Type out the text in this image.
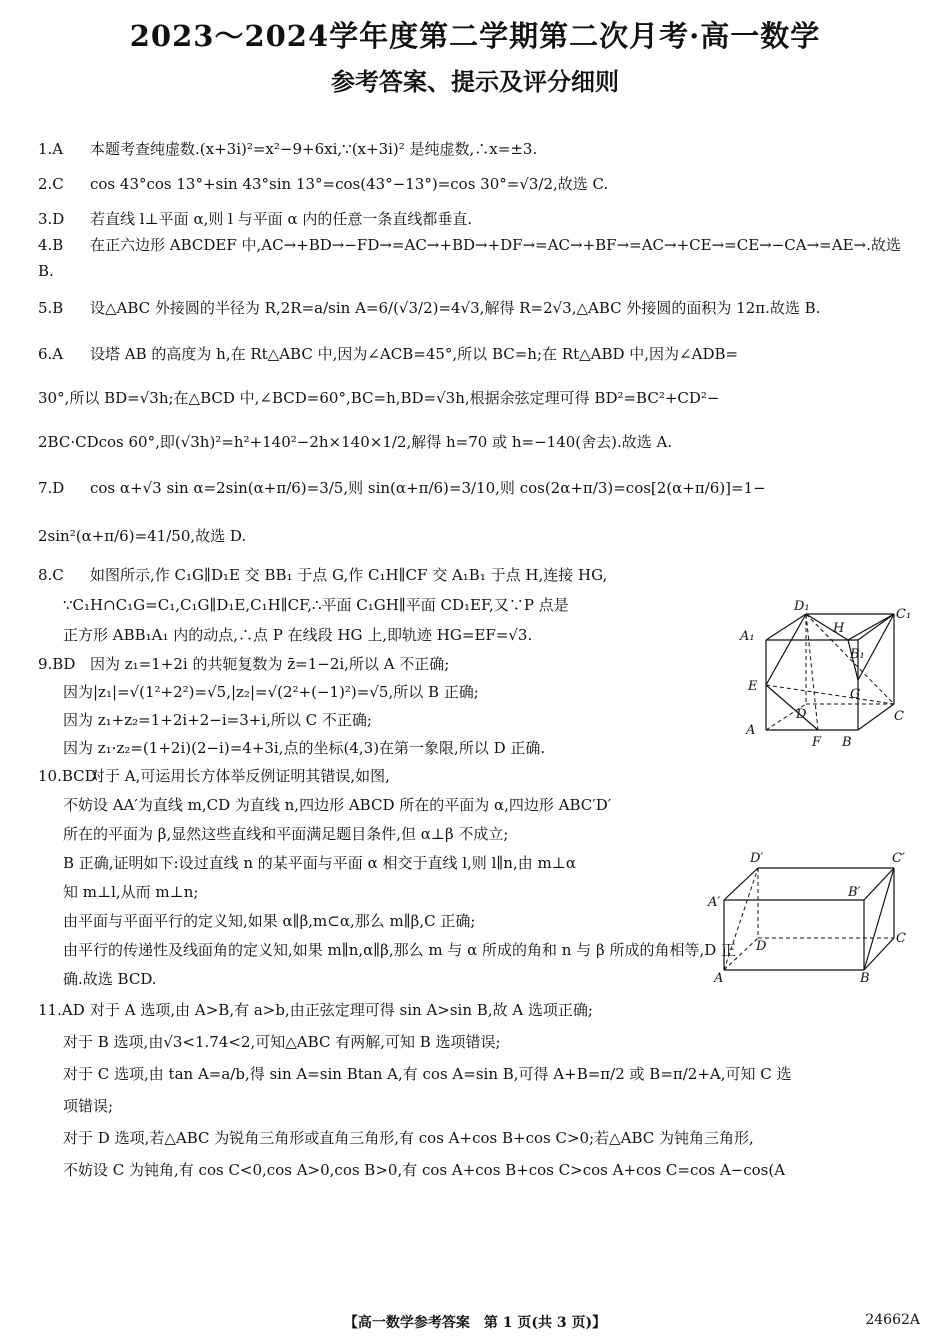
2023～2024学年度第二学期第二次月考·高一数学
参考答案、提示及评分细则
1.A 本题考查纯虚数.(x+3i)²=x²−9+6xi,∵(x+3i)² 是纯虚数,∴x=±3.
2.C cos 43°cos 13°+sin 43°sin 13°=cos(43°−13°)=cos 30°=√3/2,故选 C.
3.D 若直线 l⊥平面 α,则 l 与平面 α 内的任意一条直线都垂直.
4.B 在正六边形 ABCDEF 中,AC→+BD→−FD→=AC→+BD→+DF→=AC→+BF→=AC→+CE→=CE→−CA→=AE→.故选 B.
5.B 设△ABC 外接圆的半径为 R,2R=a/sin A=6/(√3/2)=4√3,解得 R=2√3,△ABC 外接圆的面积为 12π.故选 B.
6.A 设塔 AB 的高度为 h,在 Rt△ABC 中,因为∠ACB=45°,所以 BC=h;在 Rt△ABD 中,因为∠ADB=
30°,所以 BD=√3h;在△BCD 中,∠BCD=60°,BC=h,BD=√3h,根据余弦定理可得 BD²=BC²+CD²−
2BC·CDcos 60°,即(√3h)²=h²+140²−2h×140×1/2,解得 h=70 或 h=−140(舍去).故选 A.
7.D cos α+√3 sin α=2sin(α+π/6)=3/5,则 sin(α+π/6)=3/10,则 cos(2α+π/3)=cos[2(α+π/6)]=1−
2sin²(α+π/6)=41/50,故选 D.
8.C 如图所示,作 C₁G∥D₁E 交 BB₁ 于点 G,作 C₁H∥CF 交 A₁B₁ 于点 H,连接 HG,
∵C₁H∩C₁G=C₁,C₁G∥D₁E,C₁H∥CF,∴平面 C₁GH∥平面 CD₁EF,又∵P 点是
正方形 ABB₁A₁ 内的动点,∴点 P 在线段 HG 上,即轨迹 HG=EF=√3.
9.BD 因为 z₁=1+2i 的共轭复数为 z̄=1−2i,所以 A 不正确;
因为|z₁|=√(1²+2²)=√5,|z₂|=√(2²+(−1)²)=√5,所以 B 正确;
因为 z₁+z₂=1+2i+2−i=3+i,所以 C 不正确;
因为 z₁·z₂=(1+2i)(2−i)=4+3i,点的坐标(4,3)在第一象限,所以 D 正确.
10.BCD对于 A,可运用长方体举反例证明其错误,如图,
不妨设 AA′为直线 m,CD 为直线 n,四边形 ABCD 所在的平面为 α,四边形 ABC′D′
所在的平面为 β,显然这些直线和平面满足题目条件,但 α⊥β 不成立;
B 正确,证明如下:设过直线 n 的某平面与平面 α 相交于直线 l,则 l∥n,由 m⊥α
知 m⊥l,从而 m⊥n;
由平面与平面平行的定义知,如果 α∥β,m⊂α,那么 m∥β,C 正确;
由平行的传递性及线面角的定义知,如果 m∥n,α∥β,那么 m 与 α 所成的角和 n 与 β 所成的角相等,D 正
确.故选 BCD.
11.AD 对于 A 选项,由 A>B,有 a>b,由正弦定理可得 sin A>sin B,故 A 选项正确;
对于 B 选项,由√3<1.74<2,可知△ABC 有两解,可知 B 选项错误;
对于 C 选项,由 tan A=a/b,得 sin A=sin Btan A,有 cos A=sin B,可得 A+B=π/2 或 B=π/2+A,可知 C 选
项错误;
对于 D 选项,若△ABC 为锐角三角形或直角三角形,有 cos A+cos B+cos C>0;若△ABC 为钝角三角形,
不妨设 C 为钝角,有 cos C<0,cos A>0,cos B>0,有 cos A+cos B+cos C>cos A+cos C=cos A−cos(A
D₁
C₁
A₁
H
B₁
E
G
D	C
A
F B
D′	C′
A′
B′
D
C
A	B
【高一数学参考答案　第 1 页(共 3 页)】	24662A
